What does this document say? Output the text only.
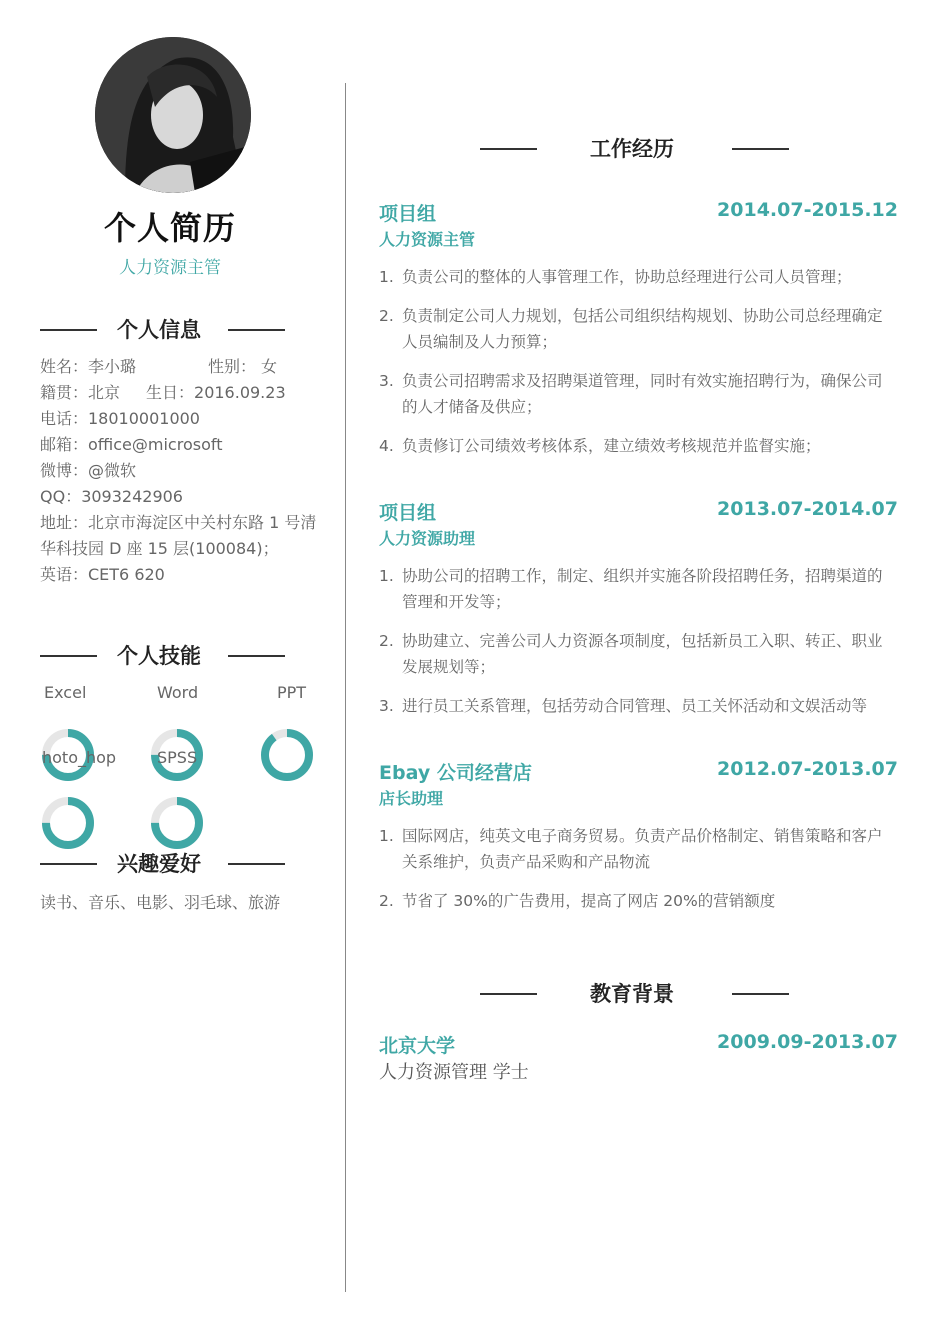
个人简历
人力资源主管
个人信息
姓名：李小璐	性别： 女
籍贯：北京 生日：2016.09.23
电话：18010001000
邮箱：office@microsoft
微博：@微软
QQ：3093242906
地址：北京市海淀区中关村东路 1 号清
华科技园 D 座 15 层(100084)；
英语：CET6 620
个人技能
Excel	Word	PPT
hoto_hop	SPSS
兴趣爱好
读书、音乐、电影、羽毛球、旅游
工作经历
项目组	2014.07-2015.12
人力资源主管
1. 负责公司的整体的人事管理工作，协助总经理进行公司人员管理；
2. 负责制定公司人力规划，包括公司组织结构规划、协助公司总经理确定人员编制及人力预算；
3. 负责公司招聘需求及招聘渠道管理，同时有效实施招聘行为，确保公司的人才储备及供应；
4. 负责修订公司绩效考核体系，建立绩效考核规范并监督实施；
项目组	2013.07-2014.07
人力资源助理
1. 协助公司的招聘工作，制定、组织并实施各阶段招聘任务，招聘渠道的管理和开发等；
2. 协助建立、完善公司人力资源各项制度，包括新员工入职、转正、职业发展规划等；
3. 进行员工关系管理，包括劳动合同管理、员工关怀活动和文娱活动等
Ebay 公司经营店	2012.07-2013.07
店长助理
1. 国际网店，纯英文电子商务贸易。负责产品价格制定、销售策略和客户关系维护，负责产品采购和产品物流
2. 节省了 30%的广告费用，提高了网店 20%的营销额度
教育背景
北京大学	2009.09-2013.07
人力资源管理 学士
